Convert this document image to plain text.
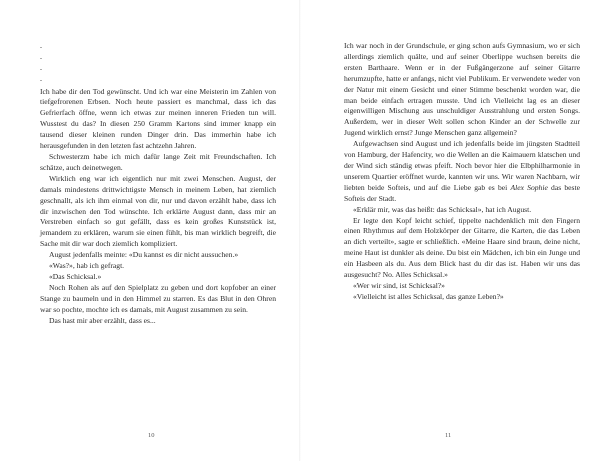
.
.
.
.

Ich habe dir den Tod gewünscht. Und ich war eine Meisterin im Zahlen von tiefgefrorenen Erbsen. Noch heute passiert es manchmal, dass ich das Gefrierfach öffne, wenn ich etwas zur meinen inneren Frieden tun will. Wusstest du das? In diesen 250 Gramm Kartons sind immer knapp ein tausend dieser kleinen runden Dinger drin. Das immerhin habe ich herausgefunden in den letzten fast achtzehn Jahren.

Schwesterzm habe ich mich dafür lange Zeit mit Freundschaften. Ich schätze, auch deinetwegen.

Wirklich eng war ich eigentlich nur mit zwei Menschen. August, der damals mindestens drittwichtigste Mensch in meinem Leben, hat ziemlich geschnallt, als ich ihm einmal von dir, nur und davon erzählt habe, dass ich dir inzwischen den Tod wünschte. Ich erklärte August dann, dass mir an Verstreben einfach so gut gefällt, dass es kein großes Kunststück ist, jemandem zu erklären, warum sie einen fühlt, bis man wirklich begreift, die Sache mit dir war doch ziemlich kompliziert.

August jedenfalls meinte: «Du kannst es dir nicht aussuchen.»

«Was?», hab ich gefragt.

«Das Schicksal.»

Noch Rohen als auf den Spielplatz zu geben und dort kopfober an einer Stange zu baumeln und in den Himmel zu starren. Es das Blut in den Ohren war so pochte, mochte ich es damals, mit August zusammen zu sein.

Das hast mir aber erzählt, dass es...

10

Ich war noch in der Grundschule, er ging schon aufs Gymnasium, wo er sich allerdings ziemlich quälte, und auf seiner Oberlippe wuchsen bereits die ersten Barthaare. Wenn er in der Fußgängerzone auf seiner Gitarre herumzupfte, hatte er anfangs, nicht viel Publikum. Er verwendete weder von der Natur mit einem Gesicht und einer Stimme beschenkt worden war, die man beide einfach ertragen musste. Und ich Vielleicht lag es an dieser eigenwilligen Mischung aus unschuldiger Ausstrahlung und ersten Songs. Außerdem, wer in dieser Welt sollen schon Kinder an der Schwelle zur Jugend wirklich ernst? Junge Menschen ganz allgemein?

Aufgewachsen sind August und ich jedenfalls beide im jüngsten Stadtteil von Hamburg, der Hafencity, wo die Wellen an die Kaimauern klatschen und der Wind sich ständig etwas pfeift. Noch bevor hier die Elbphilharmonie in unserem Quartier eröffnet wurde, kannten wir uns. Wir waren Nachbarn, wir liebten beide Softeis, und auf die Liebe gab es bei Alex Sophie das beste Softeis der Stadt.

«Erklär mir, was das heißt: das Schicksal», hat ich August.

Er legte den Kopf leicht schief, tippelte nachdenklich mit den Fingern einen Rhythmus auf dem Holzkörper der Gitarre, die Karten, die das Leben an dich verteilt», sagte er schließlich. «Meine Haare sind braun, deine nicht, meine Haut ist dunkler als deine. Du bist ein Mädchen, ich bin ein Junge und ein Hasbeen als du. Aus dem Blick hast du dir das ist. Haben wir uns das ausgesucht? No. Alles Schicksal.»

«Wer wir sind, ist Schicksal?»

«Vielleicht ist alles Schicksal, das ganze Leben?»

11
